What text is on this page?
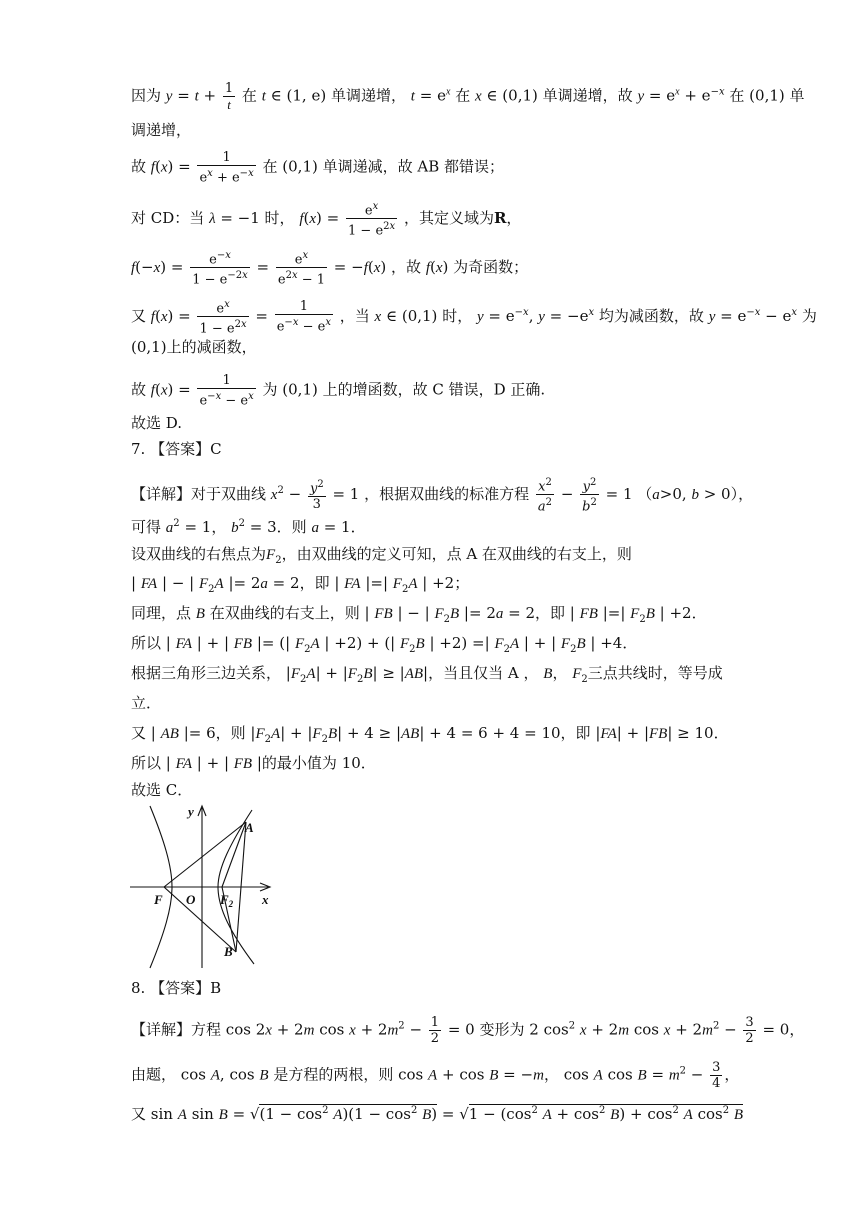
因为 $y = t + \frac{1}{t}$ 在 t ∈ (1, e) 单调递增， $t = e^x$ 在 x ∈ (0,1) 单调递增，故 $y = e^x + e^{-x}$ 在 (0,1) 单
调递增，
故 $f(x) = \frac{1}{e^x + e^{-x}}$ 在 (0,1) 单调递减，故 AB 都错误；
对 CD：当 λ = −1 时， $f(x) = \frac{e^x}{1 - e^{2x}}$ ，其定义域为R，
$f(-x) = \frac{e^{-x}}{1 - e^{-2x}} = \frac{e^x}{e^{2x} - 1} = -f(x)$ ，故 f(x) 为奇函数；
又 $f(x) = \frac{e^x}{1 - e^{2x}} = \frac{1}{e^{-x} - e^x}$ ，当 x ∈ (0,1) 时， $y = e^{-x}$, $y = -e^x$ 均为减函数，故 $y = e^{-x} - e^x$ 为
(0,1)上的减函数，
故 $f(x) = \frac{1}{e^{-x} - e^x}$ 为 (0,1) 上的增函数，故 C 错误，D 正确.
故选 D.
7. 【答案】C
【详解】对于双曲线 $x^2 - \frac{y^2}{3} = 1$ ，根据双曲线的标准方程 $\frac{x^2}{a^2} - \frac{y^2}{b^2} = 1$ （a>0, b > 0），
可得 $a^2 = 1$， $b^2 = 3$．则 a = 1．
设双曲线的右焦点为$F_2$，由双曲线的定义可知，点 A 在双曲线的右支上，则
| FA | − | $F_2A$ |= 2a = 2，即 | FA |=| $F_2A$ | +2；
同理，点 B 在双曲线的右支上，则 | FB | − | $F_2B$ |= 2a = 2，即 | FB |=| $F_2B$ | +2．
所以 | FA | + | FB |= (| $F_2A$ | +2) + (| $F_2B$ | +2) =| $F_2A$ | + | $F_2B$ | +4．
根据三角形三边关系， $|F_2A| + |F_2B| \ge |AB|$，当且仅当 A ， B， $F_2$三点共线时，等号成
立．
又 | AB |= 6，则 $|F_2A| + |F_2B| + 4 \ge |AB| + 4 = 6 + 4 = 10$，即 |FA| + |FB| ≥ 10．
所以 | FA | + | FB |的最小值为 10．
故选 C．
y
x
A
B
F O $F_2$
8. 【答案】B
【详解】方程 cos 2x + 2m $\cos x + 2m^2 - \frac{1}{2} = 0$ 变形为 2 $\cos^2 x + 2m$ $\cos x + 2m^2 - \frac{3}{2} = 0$，
由题， cos A, cos B 是方程的两根，则 cos A + cos B = −m， cos A $\cos B = m^2 - \frac{3}{4}$ ，
又 sin A $\sin B = √(1 - \cos^2 A)(1 - \cos^2 B) = √1 - (\cos^2$ $A + \cos^2 B) + \cos^2 A$ $\cos^2 B$
